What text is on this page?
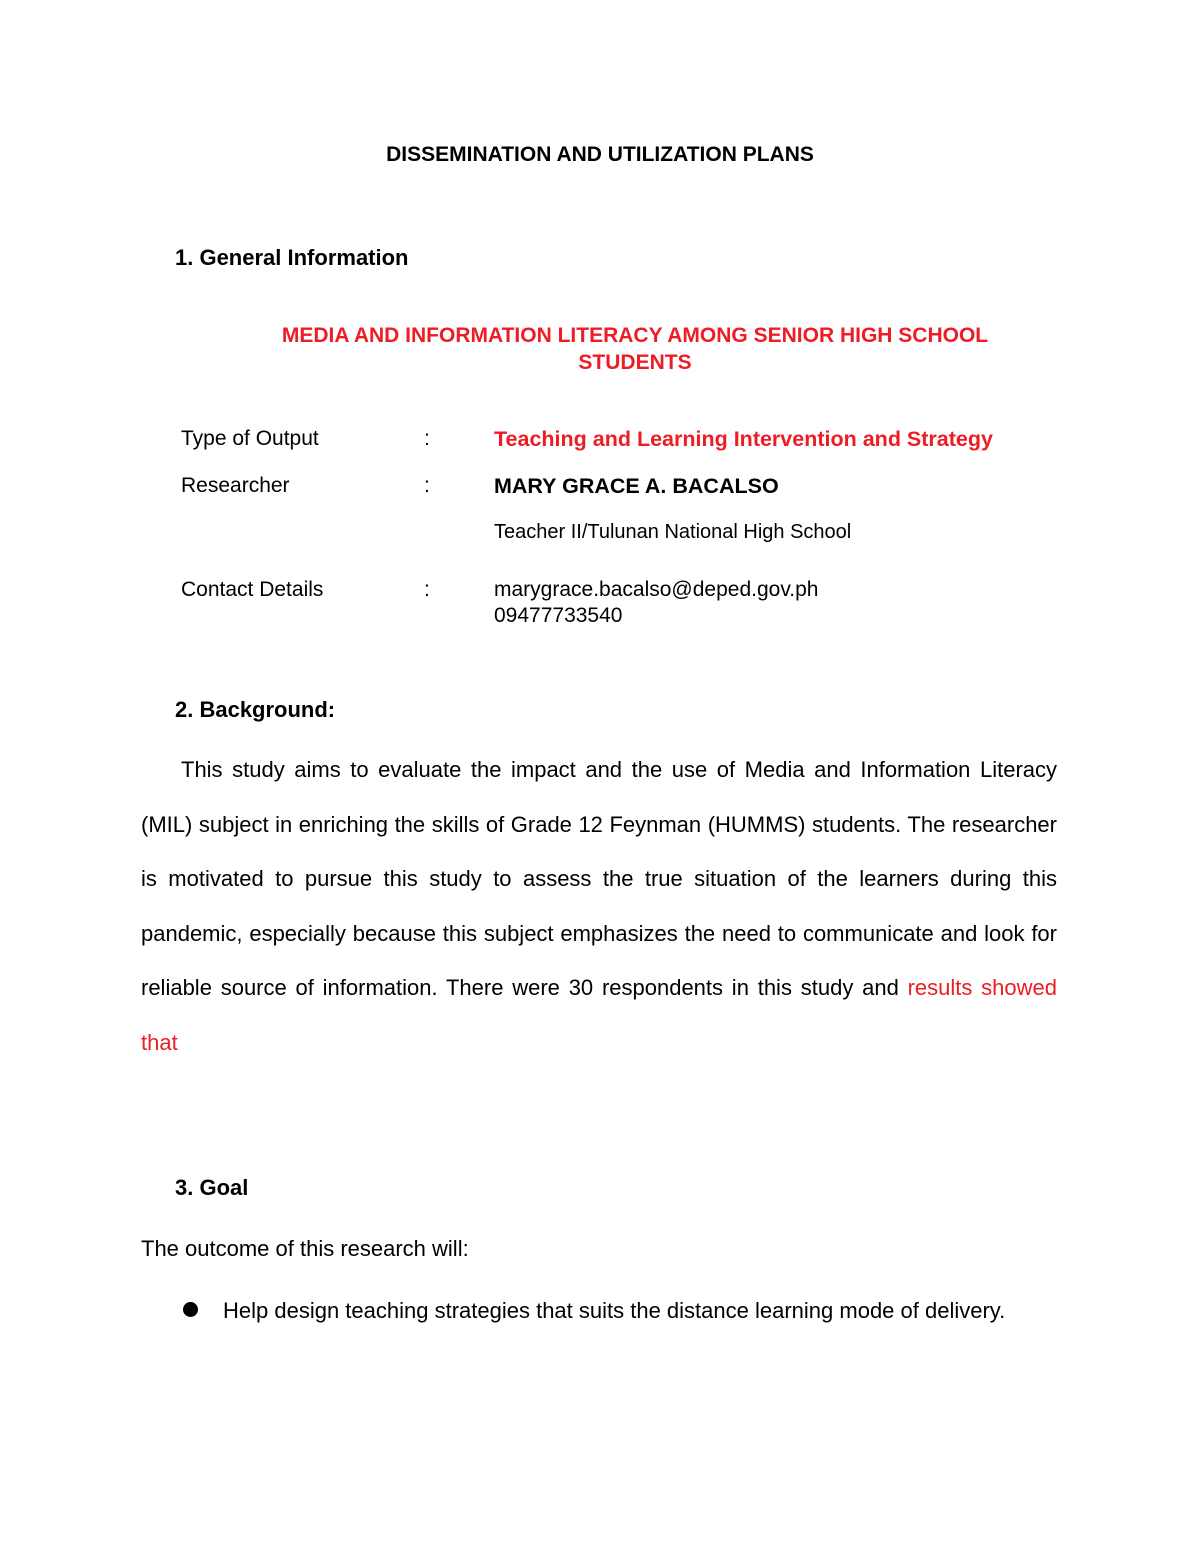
DISSEMINATION AND UTILIZATION PLANS
1. General Information
MEDIA AND INFORMATION LITERACY AMONG SENIOR HIGH SCHOOL
STUDENTS
Type of Output	:	Teaching and Learning Intervention and Strategy
Researcher	:	MARY GRACE A. BACALSO
Teacher II/Tulunan National High School
Contact Details	:	marygrace.bacalso@deped.gov.ph
09477733540
2. Background:

This study aims to evaluate the impact and the use of Media and Information Literacy (MIL) subject in enriching the skills of Grade 12 Feynman (HUMMS) students. The researcher is motivated to pursue this study to assess the true situation of the learners during this pandemic, especially because this subject emphasizes the need to communicate and look for reliable source of information. There were 30 respondents in this study and results showed that

3. Goal
The outcome of this research will:
Help design teaching strategies that suits the distance learning mode of delivery.
